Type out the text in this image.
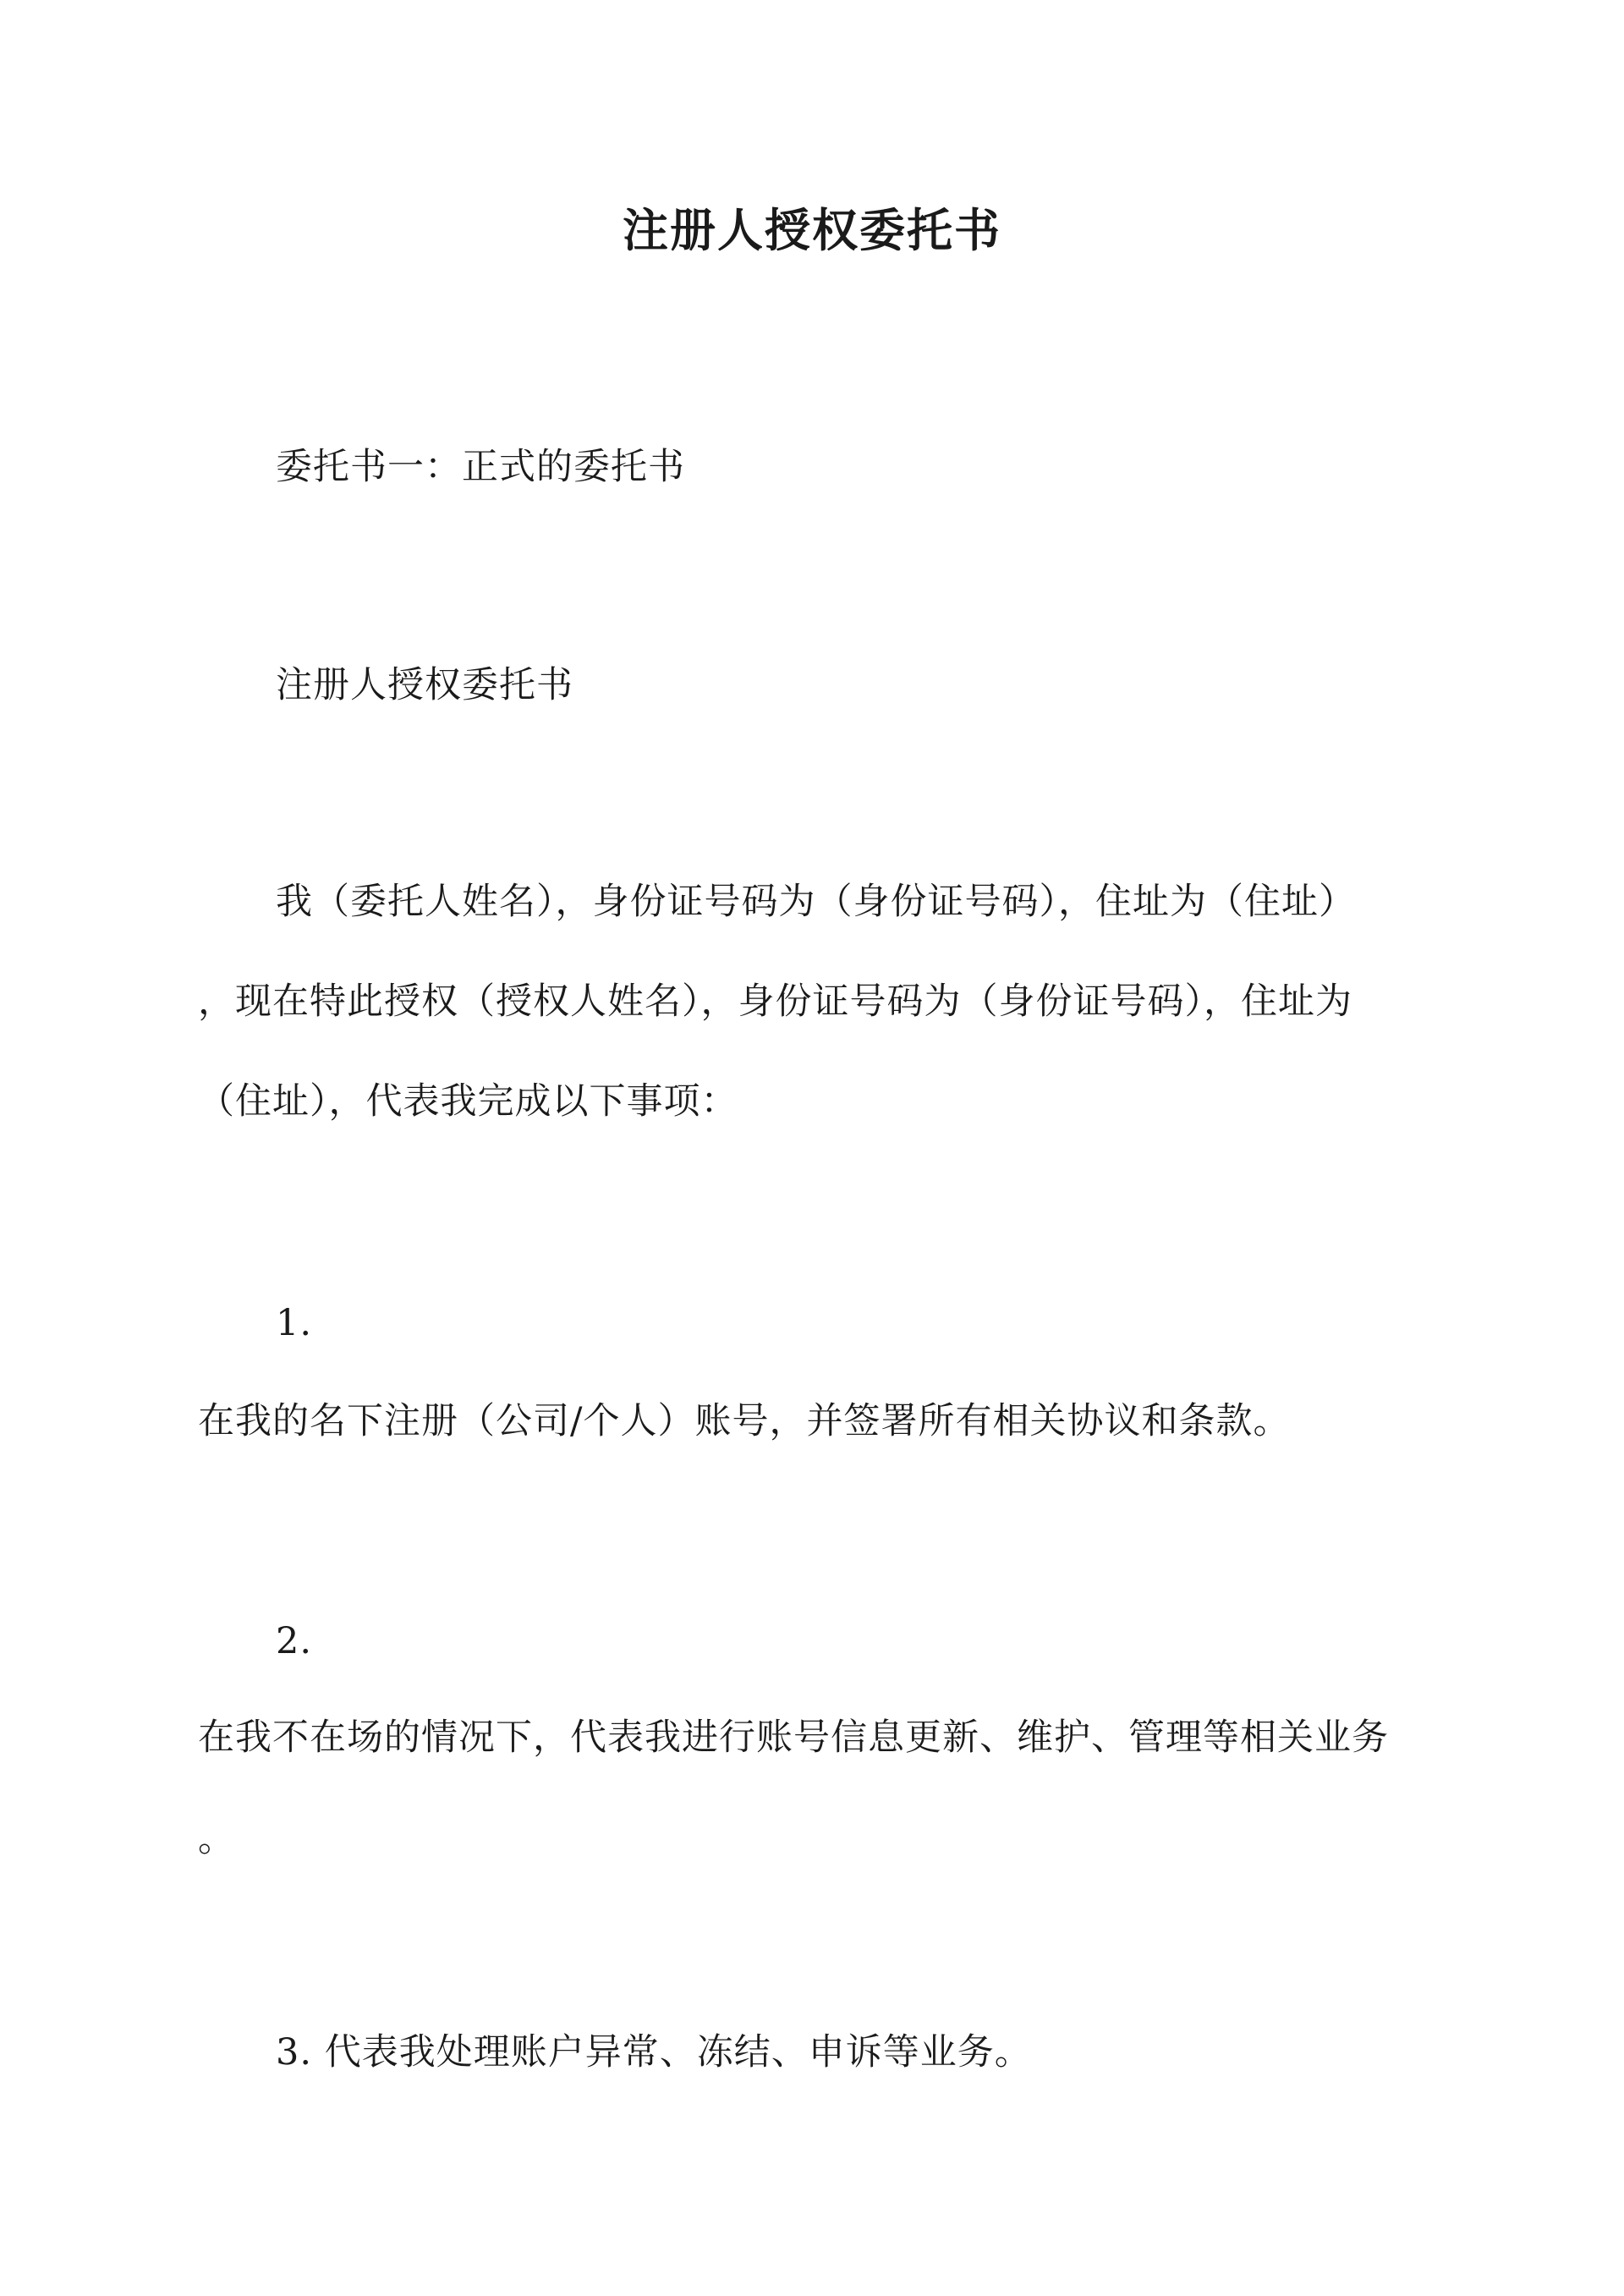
注册人授权委托书

委托书一：正式的委托书

注册人授权委托书

我（委托人姓名），身份证号码为（身份证号码），住址为（住址）

，现在特此授权（授权人姓名），身份证号码为（身份证号码），住址为

（住址），代表我完成以下事项：

1.

在我的名下注册（公司/个人）账号，并签署所有相关协议和条款。

2.

在我不在场的情况下，代表我进行账号信息更新、维护、管理等相关业务

。

3. 代表我处理账户异常、冻结、申诉等业务。
